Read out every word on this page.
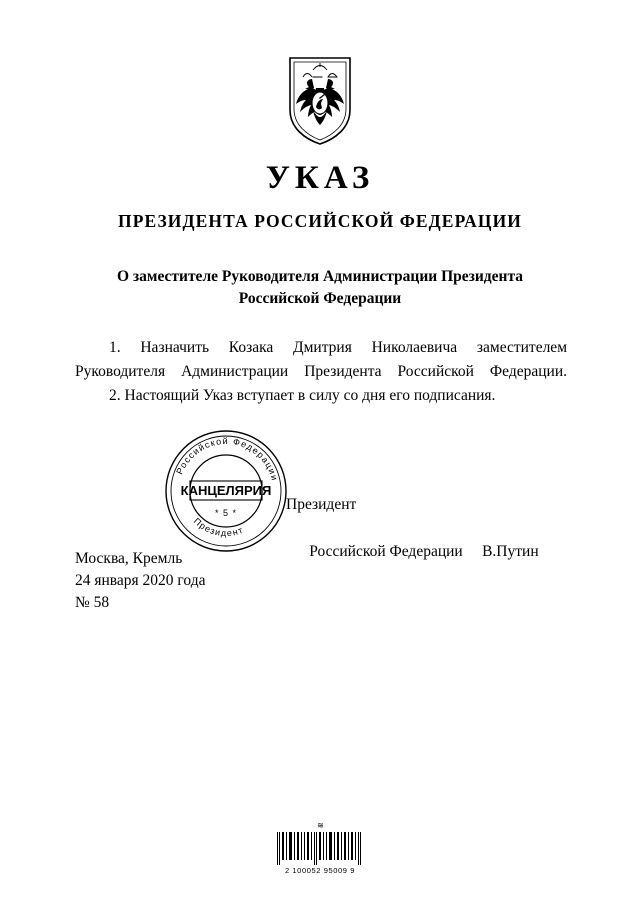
УКАЗ
ПРЕЗИДЕНТА РОССИЙСКОЙ ФЕДЕРАЦИИ
О заместителе Руководителя Администрации Президента Российской Федерации
1. Назначить Козака Дмитрия Николаевича заместителем Руководителя Администрации Президента Российской Федерации.
2. Настоящий Указ вступает в силу со дня его подписания.
Российской Федерации
Президент
КАНЦЕЛЯРИЯ
* 5 *	Президент

Российской Федерации В.Путин

Москва, Кремль
24 января 2020 года
№ 58
≋
2 100052 95009 9
